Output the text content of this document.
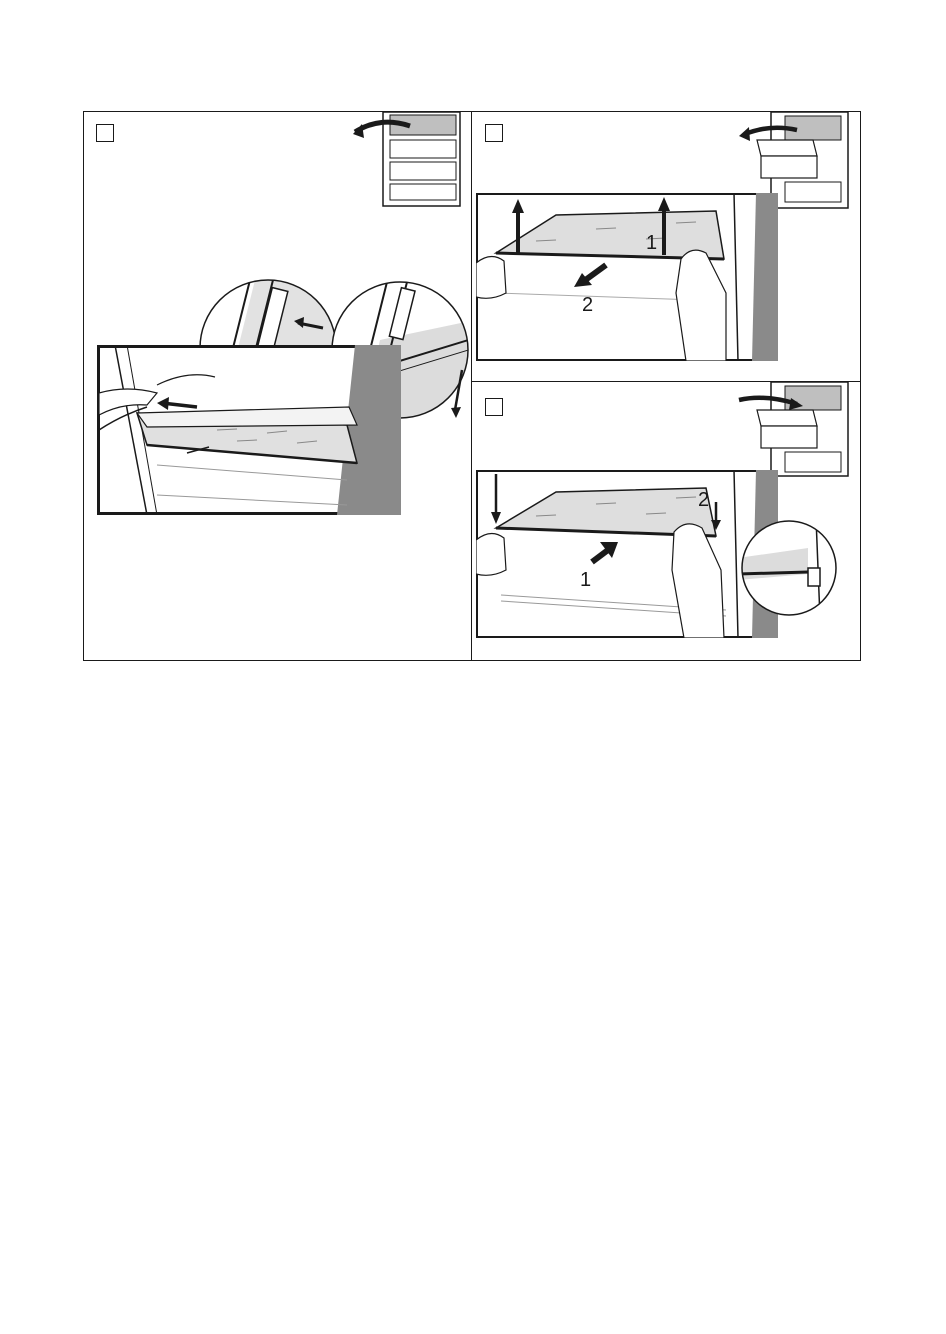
1
2
1
2
